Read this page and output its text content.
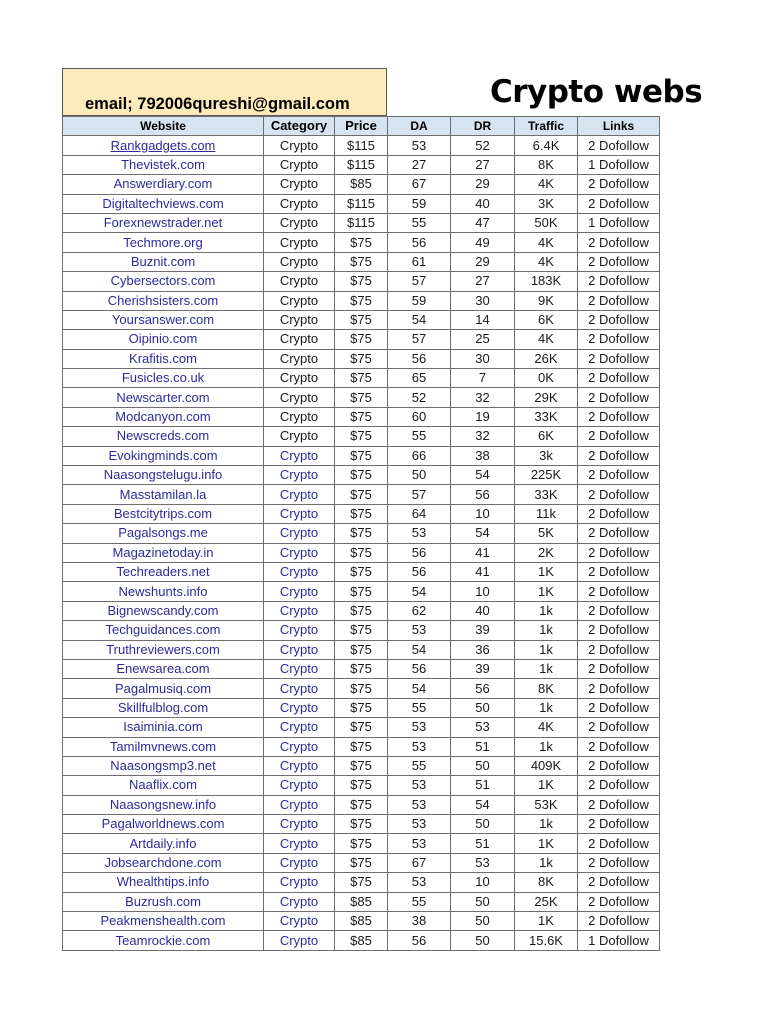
email; 792006qureshi@gmail.com	Crypto webs
Website	Category	Price	DA	DR	Traffic	Links
Rankgadgets.com	Crypto	$115	53	52	6.4K	2 Dofollow
Thevistek.com	Crypto	$115	27	27	8K	1 Dofollow
Answerdiary.com	Crypto	$85	67	29	4K	2 Dofollow
Digitaltechviews.com	Crypto	$115	59	40	3K	2 Dofollow
Forexnewstrader.net	Crypto	$115	55	47	50K	1 Dofollow
Techmore.org	Crypto	$75	56	49	4K	2 Dofollow
Buznit.com	Crypto	$75	61	29	4K	2 Dofollow
Cybersectors.com	Crypto	$75	57	27	183K	2 Dofollow
Cherishsisters.com	Crypto	$75	59	30	9K	2 Dofollow
Yoursanswer.com	Crypto	$75	54	14	6K	2 Dofollow
Oipinio.com	Crypto	$75	57	25	4K	2 Dofollow
Krafitis.com	Crypto	$75	56	30	26K	2 Dofollow
Fusicles.co.uk	Crypto	$75	65	7	0K	2 Dofollow
Newscarter.com	Crypto	$75	52	32	29K	2 Dofollow
Modcanyon.com	Crypto	$75	60	19	33K	2 Dofollow
Newscreds.com	Crypto	$75	55	32	6K	2 Dofollow
Evokingminds.com	Crypto	$75	66	38	3k	2 Dofollow
Naasongstelugu.info	Crypto	$75	50	54	225K	2 Dofollow
Masstamilan.la	Crypto	$75	57	56	33K	2 Dofollow
Bestcitytrips.com	Crypto	$75	64	10	11k	2 Dofollow
Pagalsongs.me	Crypto	$75	53	54	5K	2 Dofollow
Magazinetoday.in	Crypto	$75	56	41	2K	2 Dofollow
Techreaders.net	Crypto	$75	56	41	1K	2 Dofollow
Newshunts.info	Crypto	$75	54	10	1K	2 Dofollow
Bignewscandy.com	Crypto	$75	62	40	1k	2 Dofollow
Techguidances.com	Crypto	$75	53	39	1k	2 Dofollow
Truthreviewers.com	Crypto	$75	54	36	1k	2 Dofollow
Enewsarea.com	Crypto	$75	56	39	1k	2 Dofollow
Pagalmusiq.com	Crypto	$75	54	56	8K	2 Dofollow
Skillfulblog.com	Crypto	$75	55	50	1k	2 Dofollow
Isaiminia.com	Crypto	$75	53	53	4K	2 Dofollow
Tamilmvnews.com	Crypto	$75	53	51	1k	2 Dofollow
Naasongsmp3.net	Crypto	$75	55	50	409K	2 Dofollow
Naaflix.com	Crypto	$75	53	51	1K	2 Dofollow
Naasongsnew.info	Crypto	$75	53	54	53K	2 Dofollow
Pagalworldnews.com	Crypto	$75	53	50	1k	2 Dofollow
Artdaily.info	Crypto	$75	53	51	1K	2 Dofollow
Jobsearchdone.com	Crypto	$75	67	53	1k	2 Dofollow
Whealthtips.info	Crypto	$75	53	10	8K	2 Dofollow
Buzrush.com	Crypto	$85	55	50	25K	2 Dofollow
Peakmenshealth.com	Crypto	$85	38	50	1K	2 Dofollow
Teamrockie.com	Crypto	$85	56	50	15.6K	1 Dofollow
